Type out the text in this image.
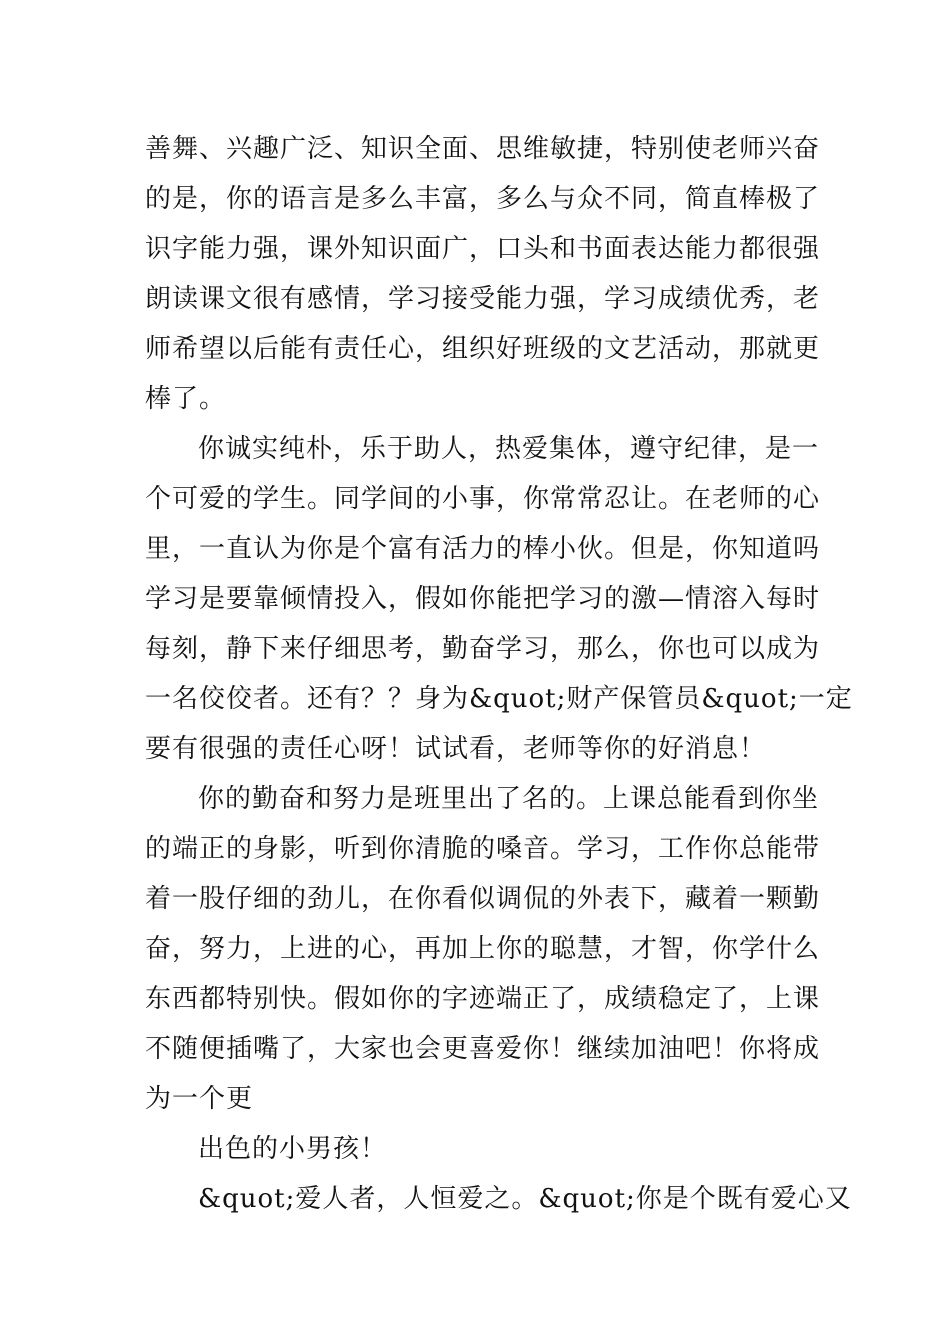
善舞、兴趣广泛、知识全面、思维敏捷，特别使老师兴奋
的是，你的语言是多么丰富，多么与众不同，简直棒极了
识字能力强，课外知识面广，口头和书面表达能力都很强
朗读课文很有感情，学习接受能力强，学习成绩优秀，老
师希望以后能有责任心，组织好班级的文艺活动，那就更
棒了。
你诚实纯朴，乐于助人，热爱集体，遵守纪律，是一
个可爱的学生。同学间的小事，你常常忍让。在老师的心
里，一直认为你是个富有活力的棒小伙。但是，你知道吗
学习是要靠倾情投入，假如你能把学习的激—情溶入每时
每刻，静下来仔细思考，勤奋学习，那么，你也可以成为
一名佼佼者。还有？？身为&quot;财产保管员&quot;一定
要有很强的责任心呀！试试看，老师等你的好消息！
你的勤奋和努力是班里出了名的。上课总能看到你坐
的端正的身影，听到你清脆的嗓音。学习，工作你总能带
着一股仔细的劲儿，在你看似调侃的外表下，藏着一颗勤
奋，努力，上进的心，再加上你的聪慧，才智，你学什么
东西都特别快。假如你的字迹端正了，成绩稳定了，上课
不随便插嘴了，大家也会更喜爱你！继续加油吧！你将成
为一个更
出色的小男孩！
&quot;爱人者，人恒爱之。&quot;你是个既有爱心又
